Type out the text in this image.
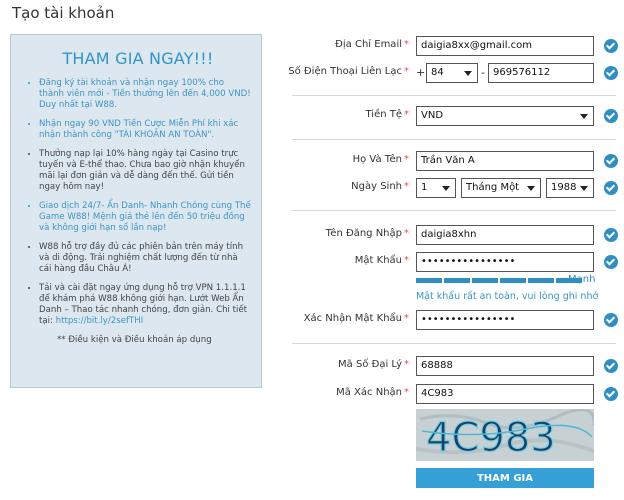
Tạo tài khoản
THAM GIA NGAY!!!
• Đăng ký tài khoản và nhận ngay 100% cho thành viên mới - Tiền thưởng lên đến 4,000 VND! Duy nhất tại W88.
• Nhận ngay 90 VND Tiền Cược Miễn Phí khi xác nhận thành công "TÀI KHOẢN AN TOÀN".
• Thưởng nạp lại 10% hàng ngày tại Casino trực tuyến và E-thể thao. Chưa bao giờ nhận khuyến mãi lại đơn giản và dễ dàng đến thế. Gửi tiền ngay hôm nay!
• Giao dịch 24/7- Ẩn Danh- Nhanh Chóng cùng Thế Game W88! Mệnh giá thẻ lên đến 50 triệu đồng và không giới hạn số lần nạp!
• W88 hỗ trợ đầy đủ các phiên bản trên máy tính và di động. Trải nghiệm chất lượng đến từ nhà cái hàng đầu Châu Á!
• Tải và cài đặt ngay ứng dụng hỗ trợ VPN 1.1.1.1 để khám phá W88 không giới hạn. Lướt Web Ẩn Danh – Thao tác nhanh chóng, đơn giản. Chi tiết tại: https://bit.ly/2sefTHI
** Điều kiện và Điều khoản áp dụng
Địa Chỉ Email *	daigia8xx@gmail.com
Số Điện Thoại Liên Lạc * + 84	- 969576112
Tiền Tệ *	VND
Họ Và Tên *	Trần Văn A
Ngày Sinh *	1	Tháng Một	1988
Tên Đăng Nhập *	daigia8xhn
Mật Khẩu *	••••••••••••••••
Mạnh
Mật khẩu rất an toàn, vui lòng ghi nhớ
Xác Nhận Mật Khẩu *	••••••••••••••••
Mã Số Đại Lý *	68888
Mã Xác Nhận *	4C983
4C983
THAM GIA
